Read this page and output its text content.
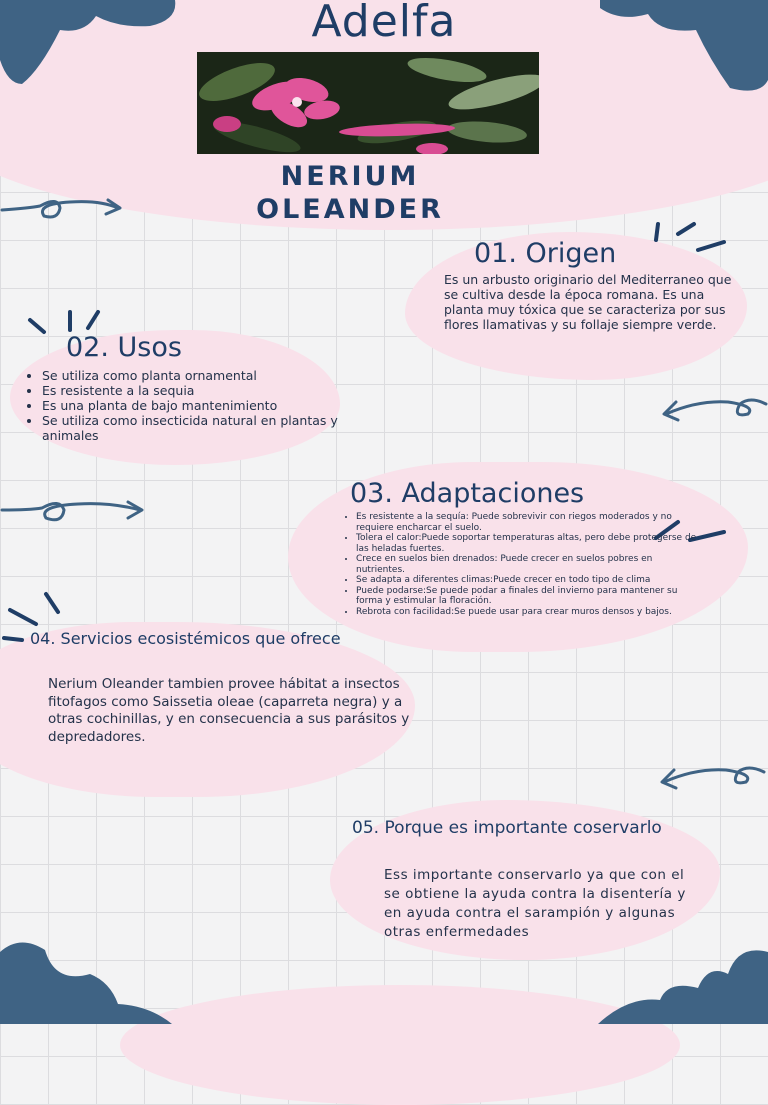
Adelfa
NERIUM
OLEANDER
01. Origen
Es un arbusto originario del Mediterraneo que se cultiva desde la época romana. Es una planta muy tóxica que se caracteriza por sus flores llamativas y su follaje siempre verde.
02. Usos
• Se utiliza como planta ornamental
• Es resistente a la sequia
• Es una planta de bajo mantenimiento
• Se utiliza como insecticida natural en plantas y animales
03. Adaptaciones
• Es resistente a la sequía: Puede sobrevivir con riegos moderados y no requiere encharcar el suelo.
• Tolera el calor:Puede soportar temperaturas altas, pero debe protegerse de las heladas fuertes.
• Crece en suelos bien drenados: Puede crecer en suelos pobres en nutrientes.
• Se adapta a diferentes climas:Puede crecer en todo tipo de clima
• Puede podarse:Se puede podar a finales del invierno para mantener su forma y estimular la floración.
• Rebrota con facilidad:Se puede usar para crear muros densos y bajos.
04. Servicios ecosistémicos que ofrece
Nerium Oleander tambien provee hábitat a insectos fitofagos como Saissetia oleae (caparreta negra) y a otras cochinillas, y en consecuencia a sus parásitos y depredadores.
05. Porque es importante coservarlo
Ess importante conservarlo ya que con el se obtiene la ayuda contra la disentería y en ayuda contra el sarampión y algunas otras enfermedades
